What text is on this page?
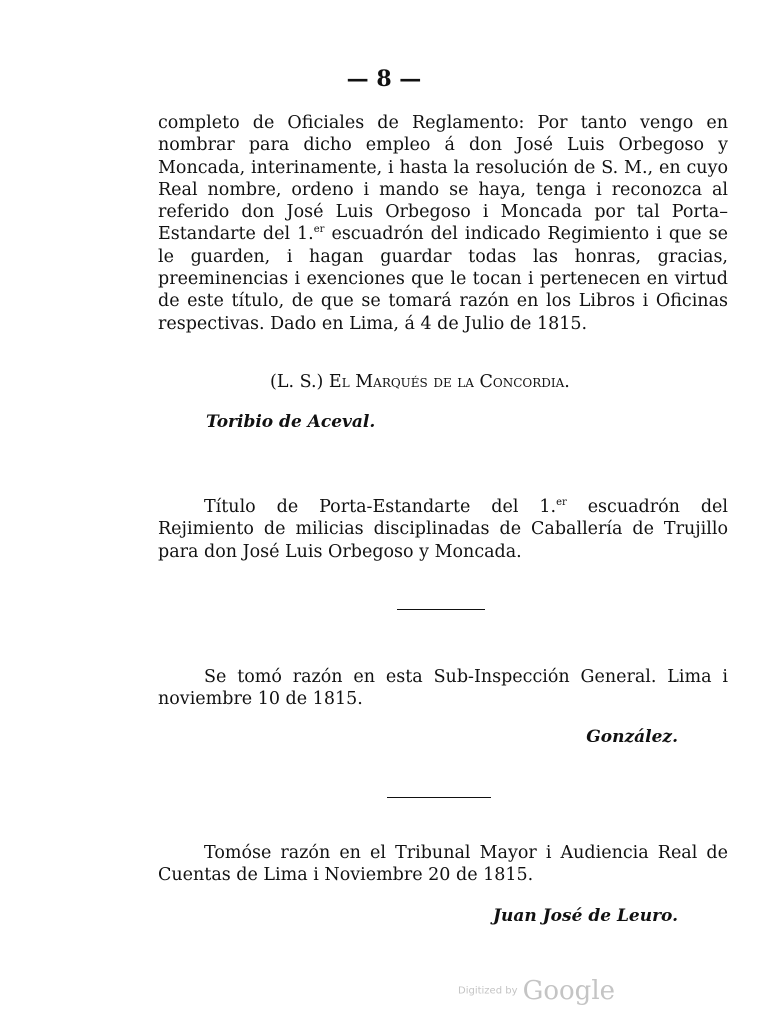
— 8 —

completo de Oficiales de Reglamento: Por tanto vengo en nombrar para dicho empleo á don José Luis Orbegoso y Moncada, interinamente, i hasta la resolución de S. M., en cuyo Real nombre, ordeno i mando se haya, tenga i reconozca al referido don José Luis Orbegoso i Moncada por tal Porta–Estandarte del 1.$^{er}$ escuadrón del indicado Regimiento i que se le guarden, i hagan guardar todas las honras, gracias, preeminencias i exenciones que le tocan i pertenecen en virtud de este título, de que se tomará razón en los Libros i Oficinas respectivas. Dado en Lima, á 4 de Julio de 1815.

(L. S.) El Marqués de la Concordia.
Toribio de Aceval.

Título de Porta-Estandarte del 1.$^{er}$ escuadrón del Rejimiento de milicias disciplinadas de Caballería de Trujillo para don José Luis Orbegoso y Moncada.

Se tomó razón en esta Sub-Inspección General. Lima i noviembre 10 de 1815.

González.

Tomóse razón en el Tribunal Mayor i Audiencia Real de Cuentas de Lima i Noviembre 20 de 1815.

Juan José de Leuro.
Digitized by Google
